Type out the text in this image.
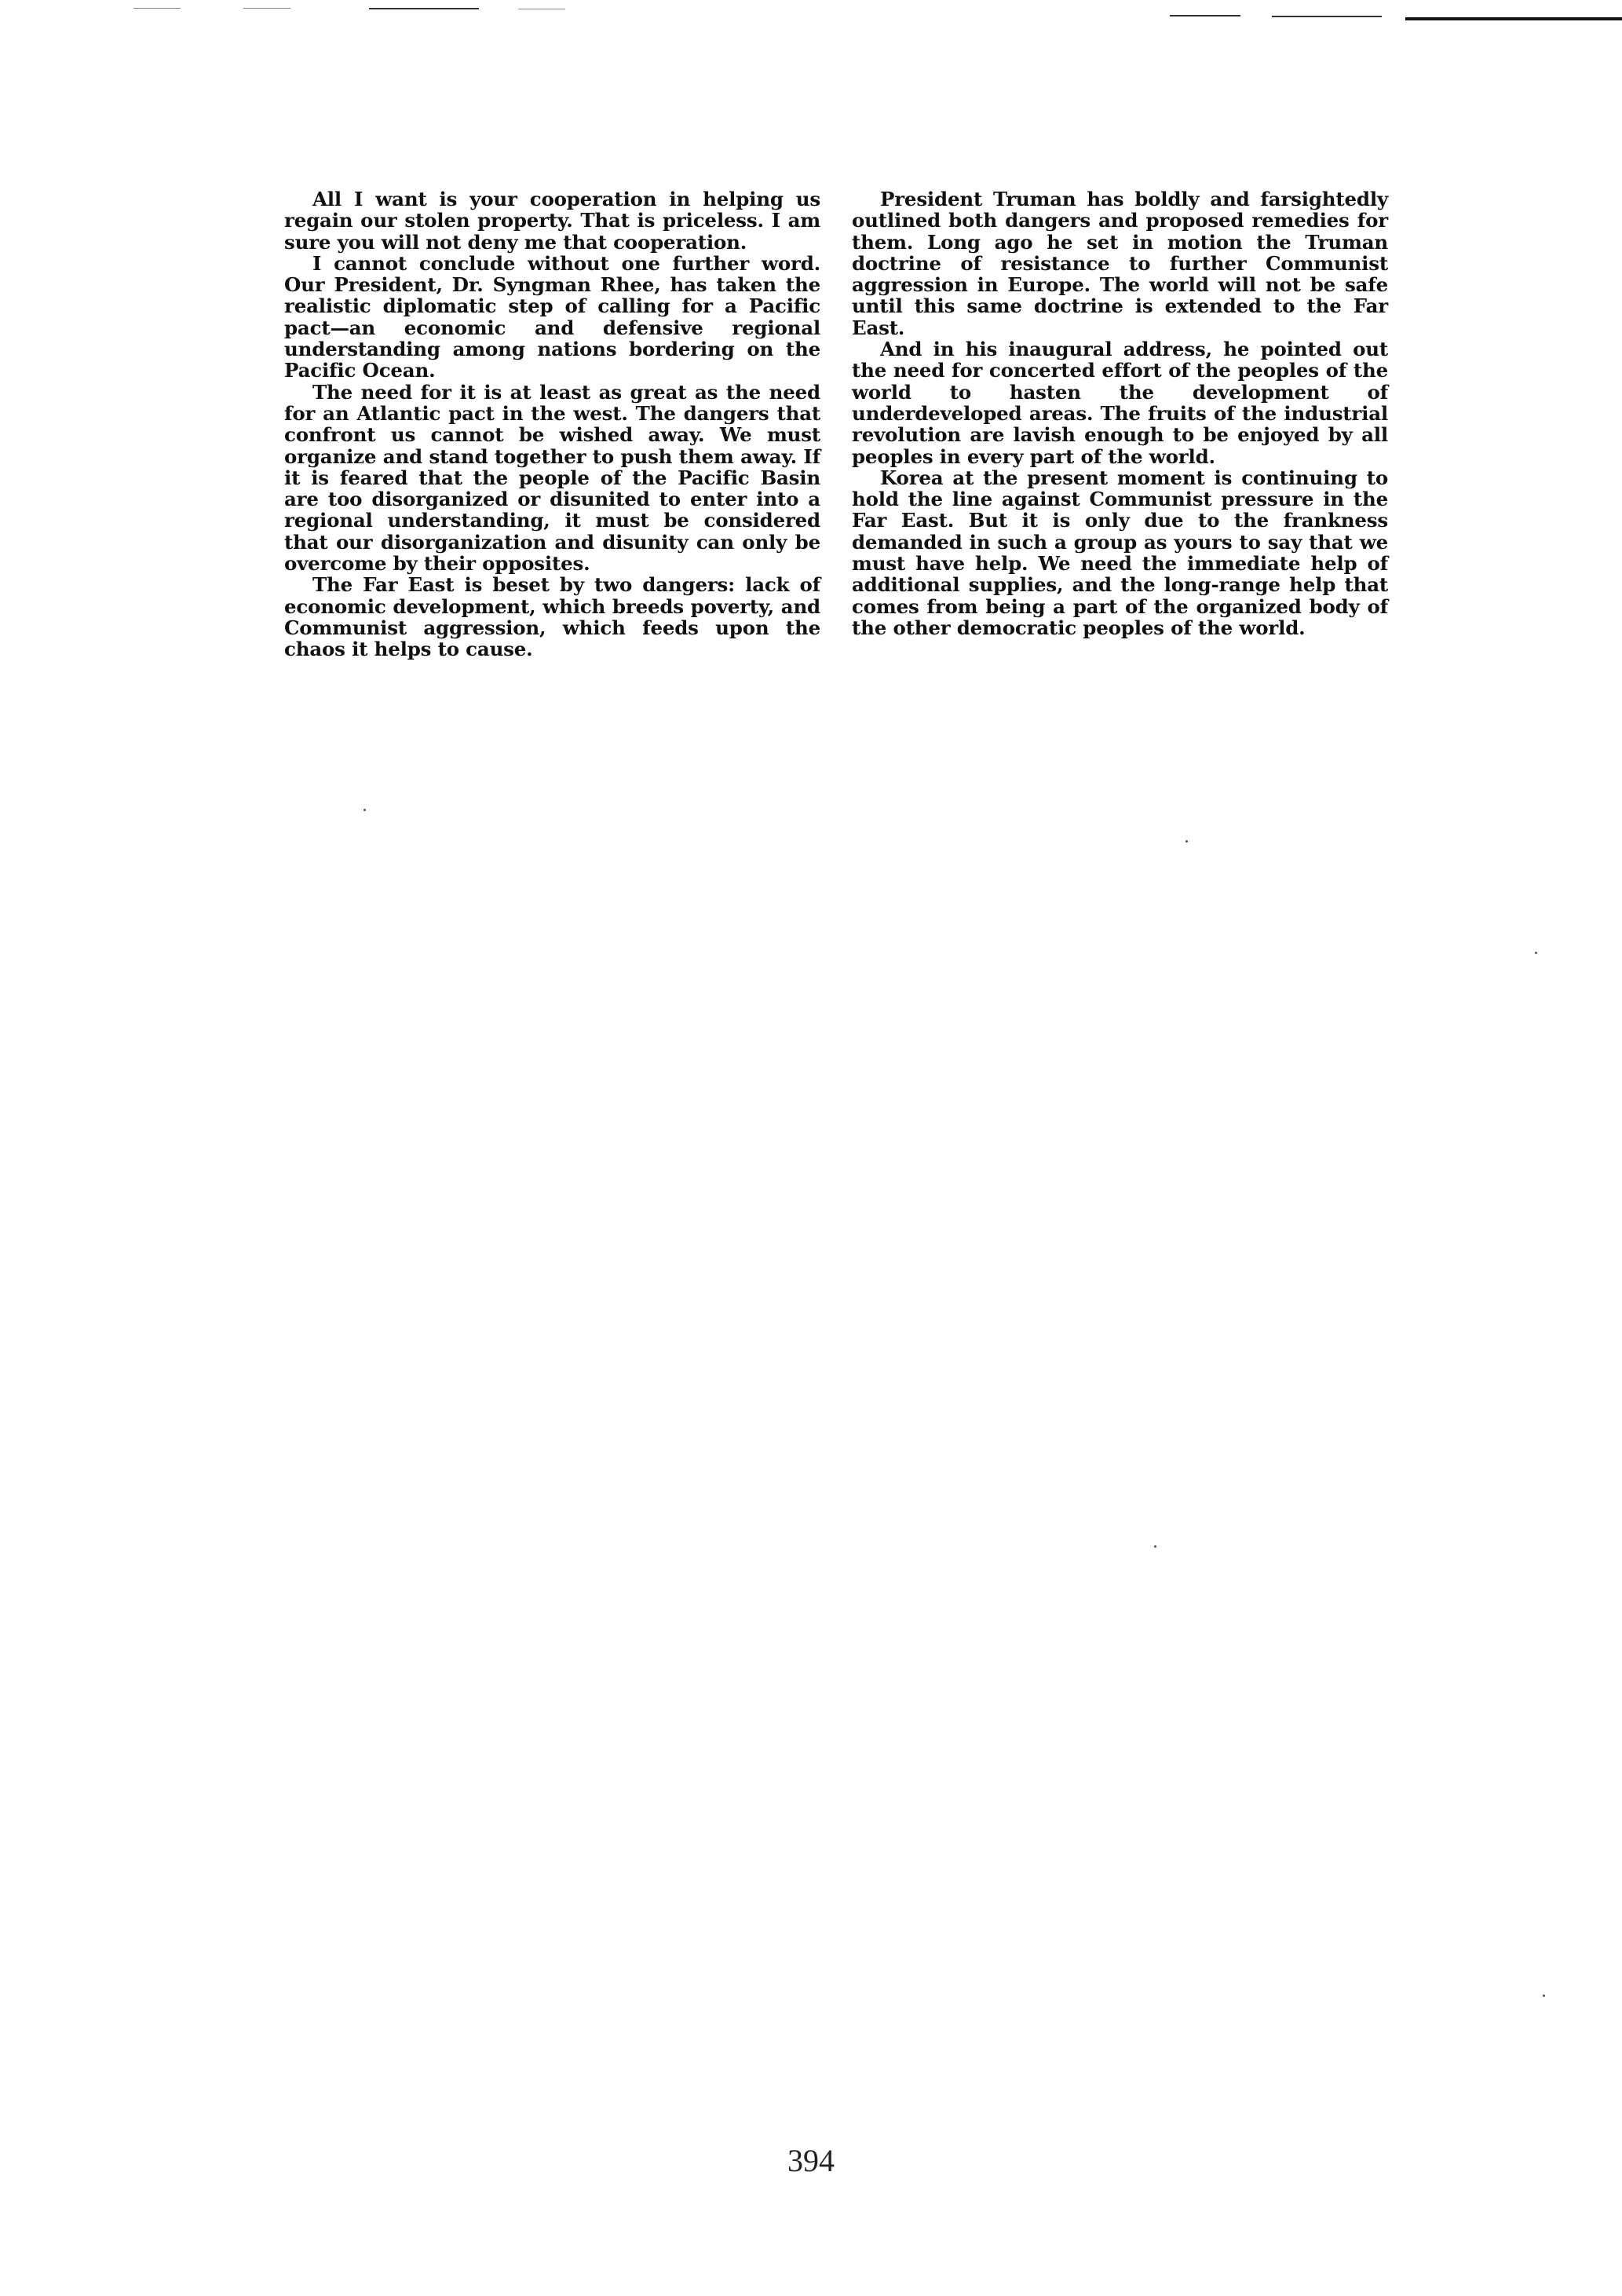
All I want is your cooperation in helping us regain our stolen property. That is priceless. I am sure you will not deny me that cooperation.

I cannot conclude without one further word. Our President, Dr. Syngman Rhee, has taken the realistic diplomatic step of calling for a Pacific pact—an economic and defensive regional understanding among nations bordering on the Pacific Ocean.

The need for it is at least as great as the need for an Atlantic pact in the west. The dangers that confront us cannot be wished away. We must organize and stand together to push them away. If it is feared that the people of the Pacific Basin are too disorganized or disunited to enter into a regional understanding, it must be considered that our disorganization and disunity can only be overcome by their opposites.

The Far East is beset by two dangers: lack of economic development, which breeds poverty, and Communist aggression, which feeds upon the chaos it helps to cause.

President Truman has boldly and farsightedly outlined both dangers and proposed remedies for them. Long ago he set in motion the Truman doctrine of resistance to further Communist aggression in Europe. The world will not be safe until this same doctrine is extended to the Far East.

And in his inaugural address, he pointed out the need for concerted effort of the peoples of the world to hasten the development of underdeveloped areas. The fruits of the industrial revolution are lavish enough to be enjoyed by all peoples in every part of the world.

Korea at the present moment is continuing to hold the line against Communist pressure in the Far East. But it is only due to the frankness demanded in such a group as yours to say that we must have help. We need the immediate help of additional supplies, and the long-range help that comes from being a part of the organized body of the other democratic peoples of the world.

394
